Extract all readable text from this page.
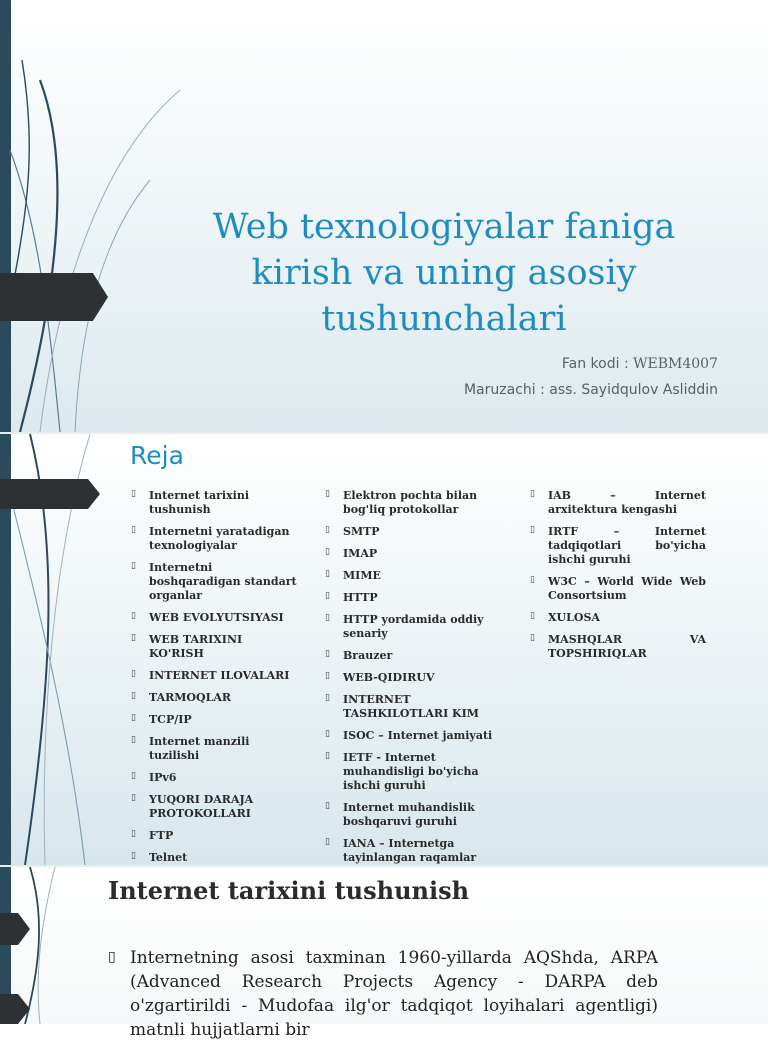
Web texnologiyalar faniga kirish va uning asosiy tushunchalari
Fan kodi : WEBM4007
Maruzachi : ass. Sayidqulov Asliddin
Reja
▯ Internet tarixini tushunish
▯ Internetni yaratadigan texnologiyalar
▯ Internetni boshqaradigan standart organlar
▯ WEB EVOLYUTSIYASI
▯ WEB TARIXINI KO'RISH
▯ INTERNET ILOVALARI
▯ TARMOQLAR
▯ TCP/IP
▯ Internet manzili tuzilishi
▯ IPv6
▯ YUQORI DARAJA PROTOKOLLARI
▯ FTP
▯ Telnet
▯ Elektron pochta bilan bog'liq protokollar
▯ SMTP
▯ IMAP
▯ MIME
▯ HTTP
▯ HTTP yordamida oddiy senariy
▯ Brauzer
▯ WEB-QIDIRUV
▯ INTERNET TASHKILOTLARI KIM
▯ ISOC – Internet jamiyati
▯ IETF - Internet muhandisligi bo'yicha ishchi guruhi
▯ Internet muhandislik boshqaruvi guruhi
▯ IANA – Internetga tayinlangan raqamlar
▯ IAB – Internet arxitektura kengashi
▯ IRTF – Internet tadqiqotlari bo'yicha ishchi guruhi
▯ W3C – World Wide Web Consortsium
▯ XULOSA
▯ MASHQLAR VA TOPSHIRIQLAR
Internet tarixini tushunish
▯ Internetning asosi taxminan 1960-yillarda AQShda, ARPA (Advanced Research Projects Agency - DARPA deb o'zgartirildi - Mudofaa ilg'or tadqiqot loyihalari agentligi) matnli hujjatlarni bir
